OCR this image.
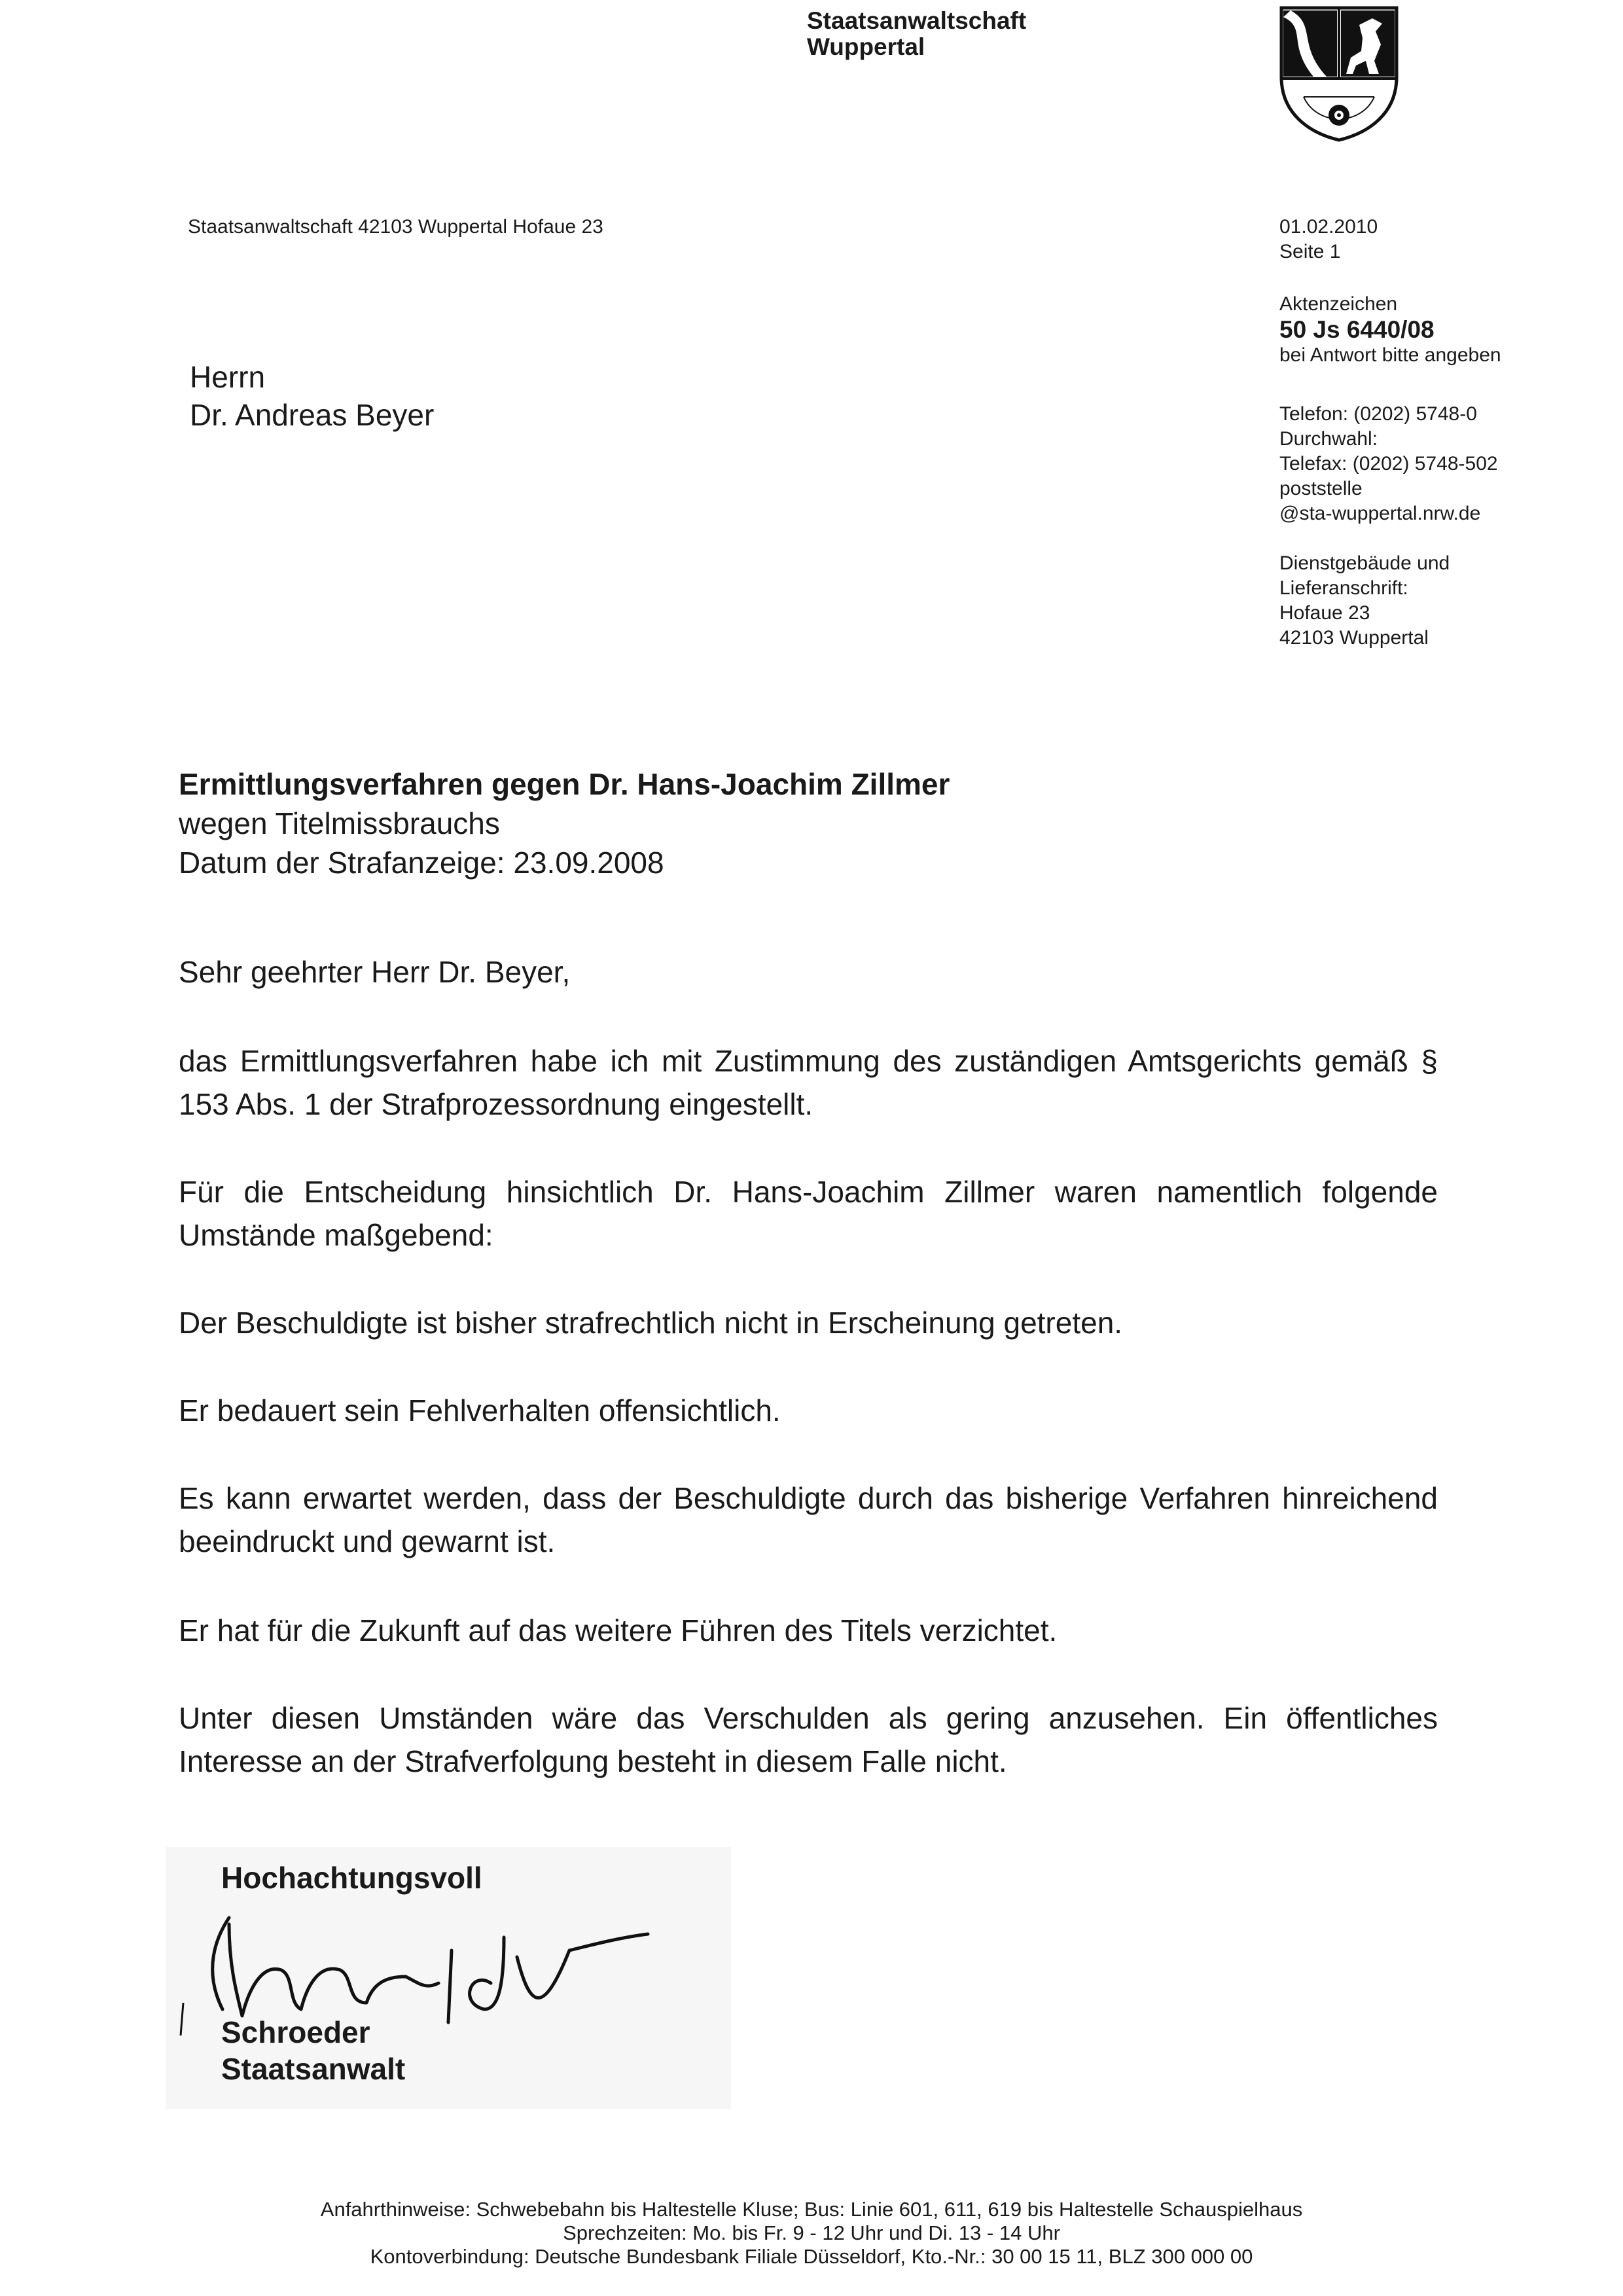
Staatsanwaltschaft
Wuppertal
Staatsanwaltschaft 42103 Wuppertal Hofaue 23
Herrn
Dr. Andreas Beyer
01.02.2010
Seite 1
Aktenzeichen
50 Js 6440/08
bei Antwort bitte angeben
Telefon: (0202) 5748-0
Durchwahl:
Telefax: (0202) 5748-502
poststelle
@sta-wuppertal.nrw.de
Dienstgebäude und
Lieferanschrift:
Hofaue 23
42103 Wuppertal
Ermittlungsverfahren gegen Dr. Hans-Joachim Zillmer
wegen Titelmissbrauchs
Datum der Strafanzeige: 23.09.2008

Sehr geehrter Herr Dr. Beyer,

das Ermittlungsverfahren habe ich mit Zustimmung des zuständigen Amtsgerichts gemäß § 153 Abs. 1 der Strafprozessordnung eingestellt.

Für die Entscheidung hinsichtlich Dr. Hans-Joachim Zillmer waren namentlich folgende Umstände maßgebend:

Der Beschuldigte ist bisher strafrechtlich nicht in Erscheinung getreten.

Er bedauert sein Fehlverhalten offensichtlich.

Es kann erwartet werden, dass der Beschuldigte durch das bisherige Verfahren hinreichend beeindruckt und gewarnt ist.

Er hat für die Zukunft auf das weitere Führen des Titels verzichtet.

Unter diesen Umständen wäre das Verschulden als gering anzusehen. Ein öffentliches Interesse an der Strafverfolgung besteht in diesem Falle nicht.

Hochachtungsvoll
Schroeder
Staatsanwalt
Anfahrthinweise: Schwebebahn bis Haltestelle Kluse; Bus: Linie 601, 611, 619 bis Haltestelle Schauspielhaus
Sprechzeiten: Mo. bis Fr. 9 - 12 Uhr und Di. 13 - 14 Uhr
Kontoverbindung: Deutsche Bundesbank Filiale Düsseldorf, Kto.-Nr.: 30 00 15 11, BLZ 300 000 00
